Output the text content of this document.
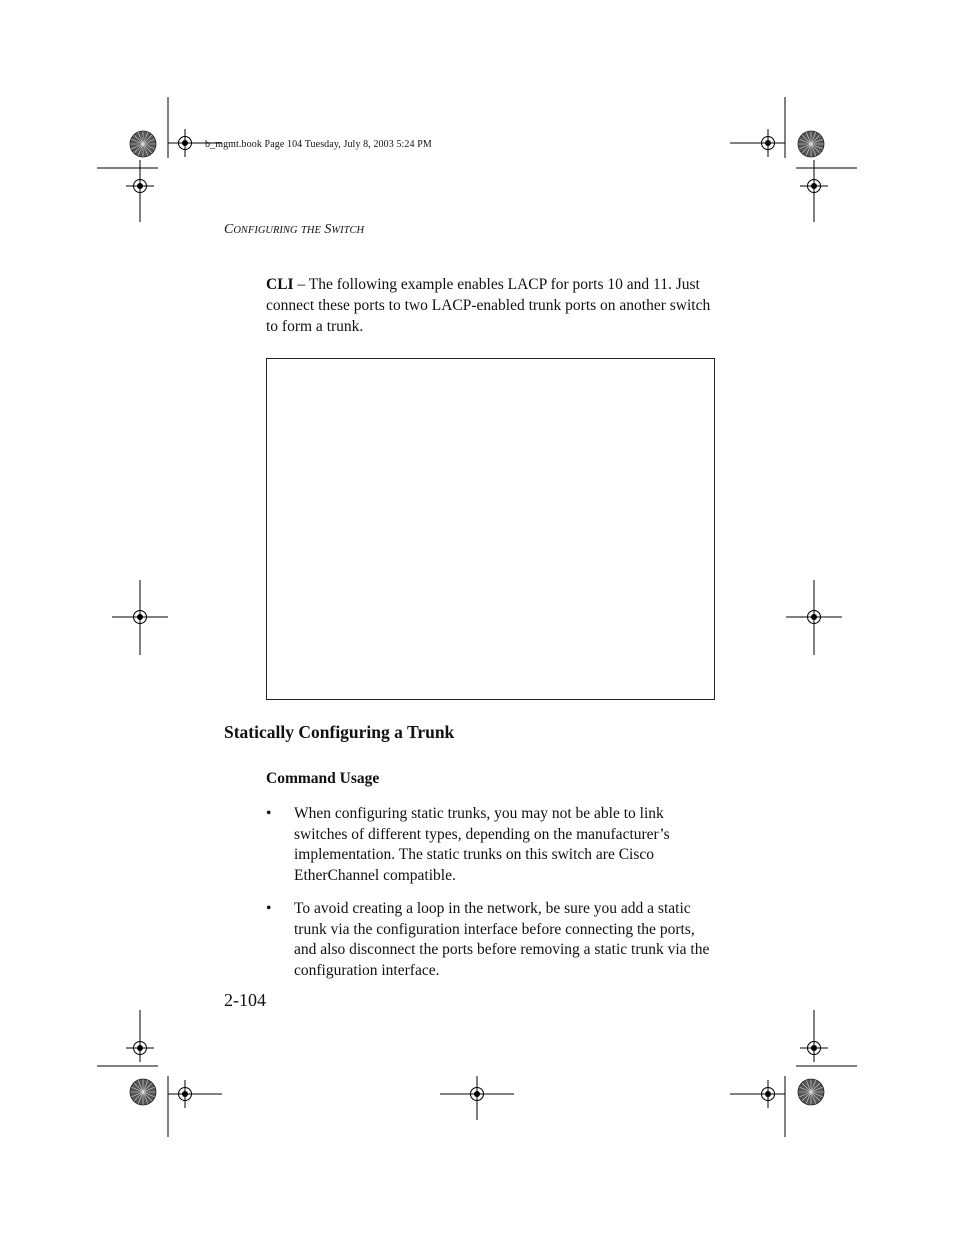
b_mgmt.book Page 104 Tuesday, July 8, 2003 5:24 PM
CONFIGURING THE SWITCH
CLI – The following example enables LACP for ports 10 and 11. Just connect these ports to two LACP-enabled trunk ports on another switch to form a trunk.
Statically Configuring a Trunk
Command Usage
•	When configuring static trunks, you may not be able to link switches of different types, depending on the manufacturer’s implementation. The static trunks on this switch are Cisco EtherChannel compatible.
•	To avoid creating a loop in the network, be sure you add a static trunk via the configuration interface before connecting the ports, and also disconnect the ports before removing a static trunk via the configuration interface.
2-104
